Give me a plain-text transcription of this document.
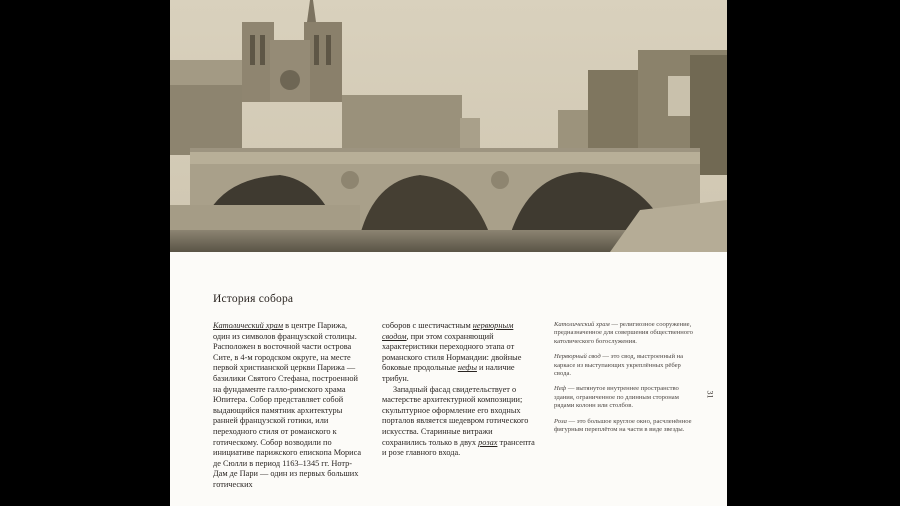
История собора

Католический храм в центре Парижа, один из символов французской столицы. Расположен в восточной части острова Сите, в 4-м городском округе, на месте первой христианской церкви Парижа — базилики Святого Стефана, построенной на фундаменте галло-римского храма Юпитера. Собор представляет собой выдающийся памятник архитектуры ранней французской готики, или переходного стиля от романского к готическому. Собор возводили по инициативе парижского епископа Мориса де Сюлли в период 1163–1345 гг. Нотр-Дам де Пари — один из первых больших готических

соборов с шестичастным нервюрным сводом, при этом сохраняющий характеристики переходного этапа от романского стиля Нормандии: двойные боковые продольные нефы и наличие трибун.

Западный фасад свидетельствует о мастерстве архитектурной композиции; скульптурное оформление его входных порталов является шедевром готического искусства. Старинные витражи сохранились только в двух розах трансепта и розе главного входа.

Католический храм — религиозное сооружение, предназначенное для совершения общественного католического богослужения.

Нервюрный свод — это свод, выстроенный на каркасе из выступающих укреплённых рёбер свода.

Неф — вытянутое внутреннее пространство здания, ограниченное по длинным сторонам рядами колонн или столбов.

Роза — это большое круглое окно, расчленённое фигурным переплётом на части в виде звезды.

31
